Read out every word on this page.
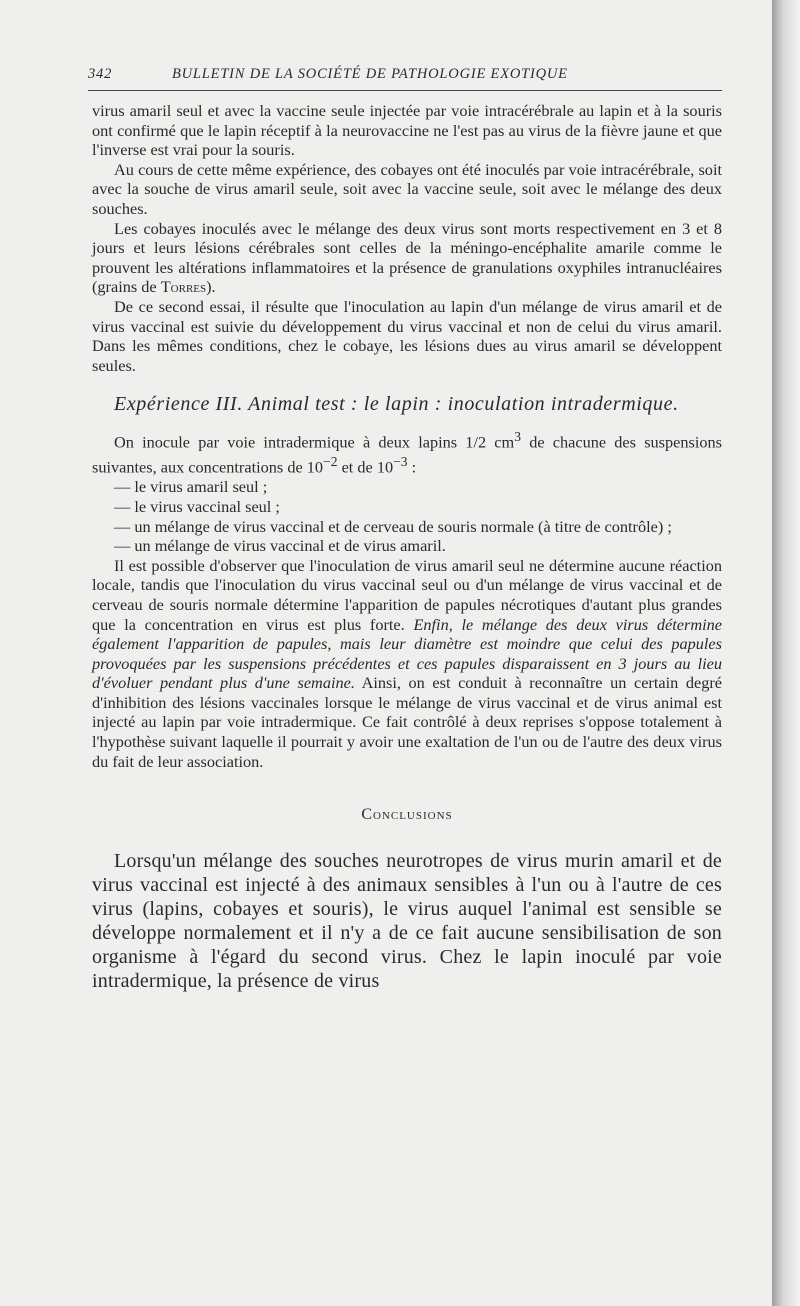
342	BULLETIN DE LA SOCIÉTÉ DE PATHOLOGIE EXOTIQUE

virus amaril seul et avec la vaccine seule injectée par voie intracérébrale au lapin et à la souris ont confirmé que le lapin réceptif à la neurovaccine ne l'est pas au virus de la fièvre jaune et que l'inverse est vrai pour la souris.

Au cours de cette même expérience, des cobayes ont été inoculés par voie intracérébrale, soit avec la souche de virus amaril seule, soit avec la vaccine seule, soit avec le mélange des deux souches.

Les cobayes inoculés avec le mélange des deux virus sont morts respectivement en 3 et 8 jours et leurs lésions cérébrales sont celles de la méningo-encéphalite amarile comme le prouvent les altérations inflammatoires et la présence de granulations oxyphiles intranucléaires (grains de Torres).

De ce second essai, il résulte que l'inoculation au lapin d'un mélange de virus amaril et de virus vaccinal est suivie du développement du virus vaccinal et non de celui du virus amaril. Dans les mêmes conditions, chez le cobaye, les lésions dues au virus amaril se développent seules.

Expérience III. Animal test : le lapin : inoculation intradermique.

On inocule par voie intradermique à deux lapins 1/2 $cm^3$ de chacune des suspensions suivantes, aux concentrations de $10^{-2}$ et de $10^{-3}$ :

— le virus amaril seul ;

— le virus vaccinal seul ;

— un mélange de virus vaccinal et de cerveau de souris normale (à titre de contrôle) ;

— un mélange de virus vaccinal et de virus amaril.

Il est possible d'observer que l'inoculation de virus amaril seul ne détermine aucune réaction locale, tandis que l'inoculation du virus vaccinal seul ou d'un mélange de virus vaccinal et de cerveau de souris normale détermine l'apparition de papules nécrotiques d'autant plus grandes que la concentration en virus est plus forte. Enfin, le mélange des deux virus détermine également l'apparition de papules, mais leur diamètre est moindre que celui des papules provoquées par les suspensions précédentes et ces papules disparaissent en 3 jours au lieu d'évoluer pendant plus d'une semaine. Ainsi, on est conduit à reconnaître un certain degré d'inhibition des lésions vaccinales lorsque le mélange de virus vaccinal et de virus animal est injecté au lapin par voie intradermique. Ce fait contrôlé à deux reprises s'oppose totalement à l'hypothèse suivant laquelle il pourrait y avoir une exaltation de l'un ou de l'autre des deux virus du fait de leur association.

Conclusions

Lorsqu'un mélange des souches neurotropes de virus murin amaril et de virus vaccinal est injecté à des animaux sensibles à l'un ou à l'autre de ces virus (lapins, cobayes et souris), le virus auquel l'animal est sensible se développe normalement et il n'y a de ce fait aucune sensibilisation de son organisme à l'égard du second virus. Chez le lapin inoculé par voie intradermique, la présence de virus
